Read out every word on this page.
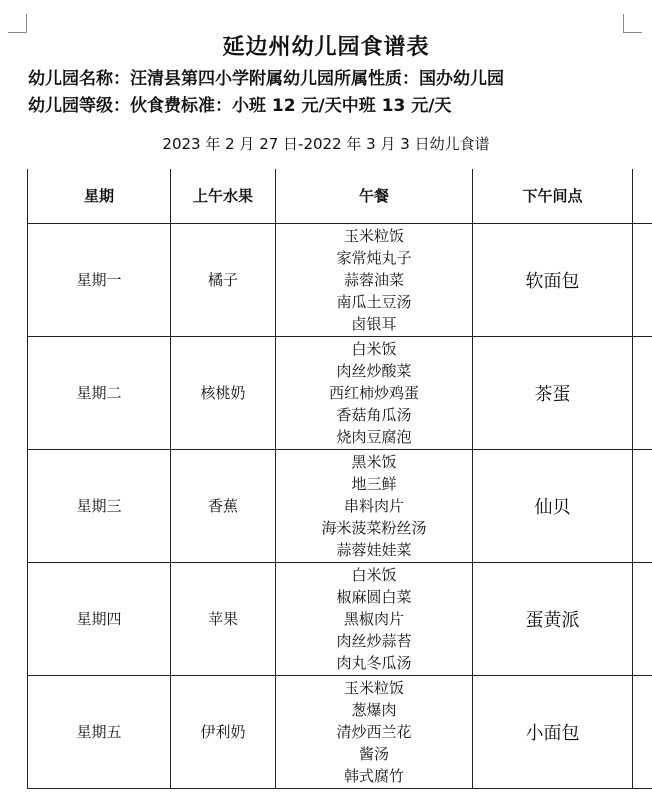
延边州幼儿园食谱表
幼儿园名称：汪清县第四小学附属幼儿园所属性质：国办幼儿园
幼儿园等级：伙食费标准：小班 12 元/天中班 13 元/天
2023 年 2 月 27 日-2022 年 3 月 3 日幼儿食谱
星期	上午水果	午餐	下午间点	
星期一	橘子	玉米粒饭
家常炖丸子
蒜蓉油菜
南瓜土豆汤
卤银耳	软面包	
星期二	核桃奶	白米饭
肉丝炒酸菜
西红柿炒鸡蛋
香菇角瓜汤
烧肉豆腐泡	茶蛋	
星期三	香蕉	黑米饭
地三鲜
串料肉片
海米菠菜粉丝汤
蒜蓉娃娃菜	仙贝	
星期四	苹果	白米饭
椒麻圆白菜
黑椒肉片
肉丝炒蒜苔
肉丸冬瓜汤	蛋黄派	
星期五	伊利奶	玉米粒饭
葱爆肉
清炒西兰花
酱汤
韩式腐竹	小面包	
